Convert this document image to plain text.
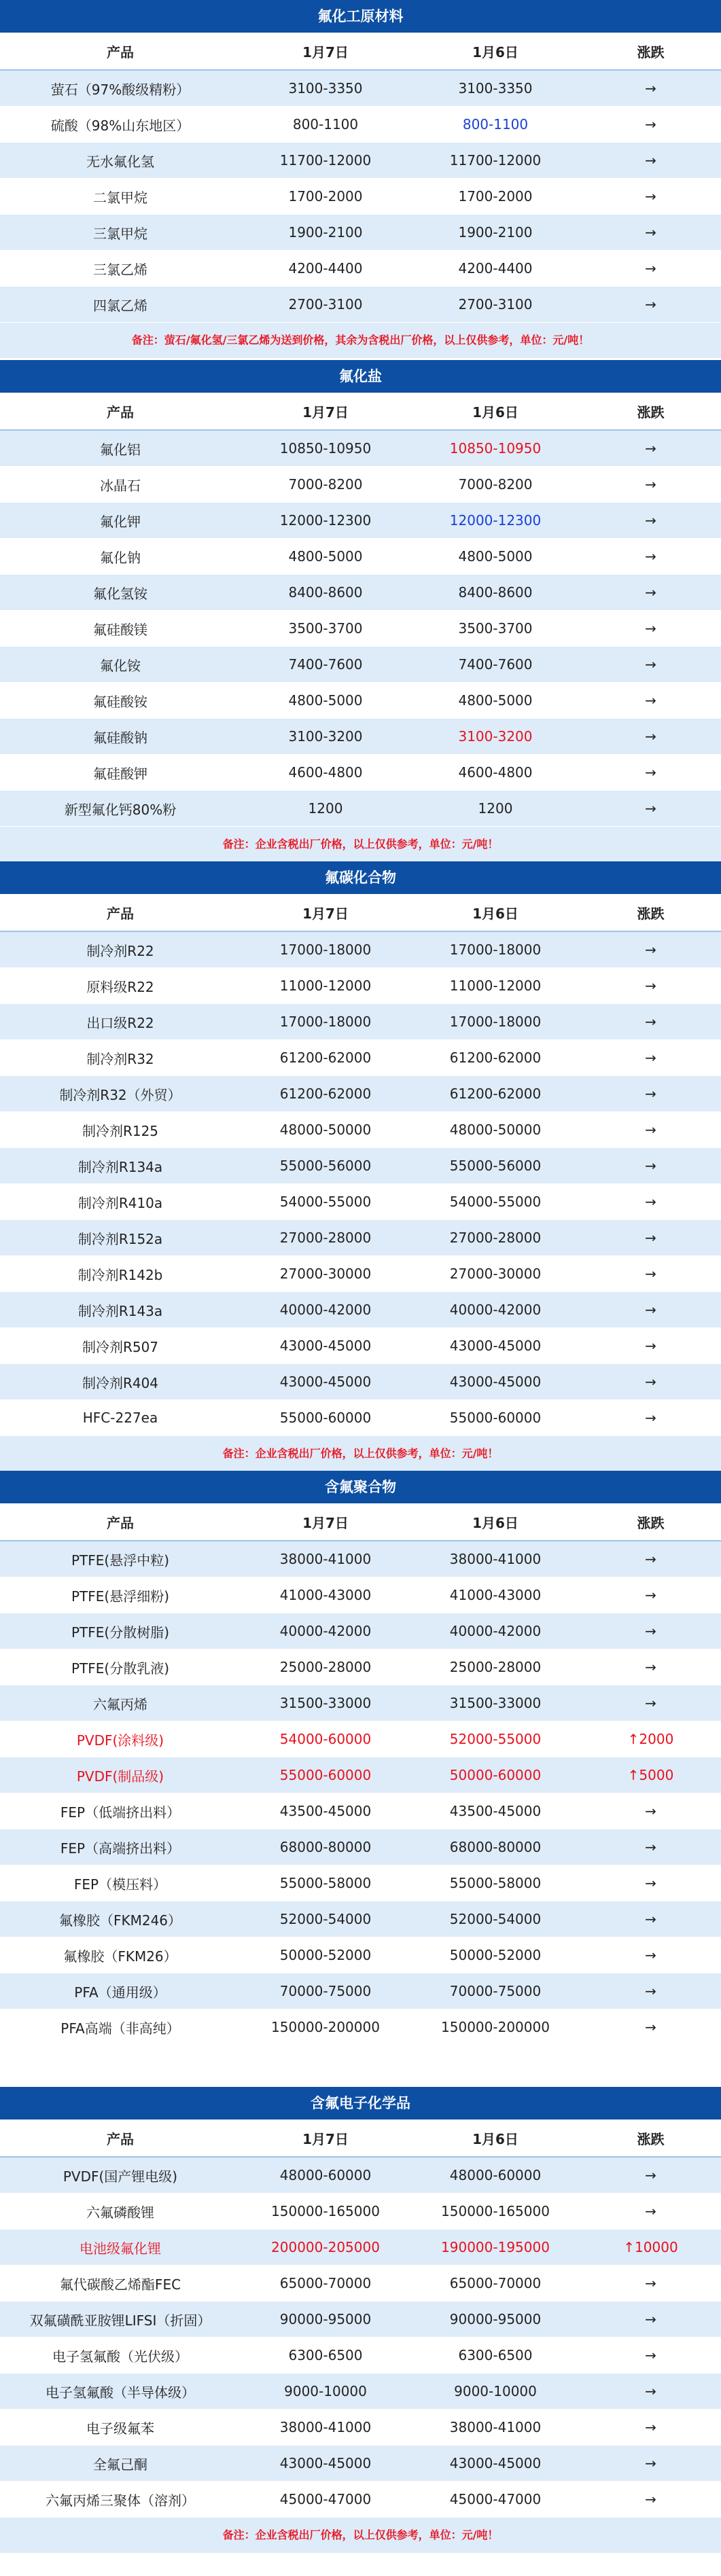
氟化工原材料
产品	1月7日	1月6日	涨跌
萤石（97%酸级精粉）	3100-3350	3100-3350	→
硫酸（98%山东地区）	800-1100	800-1100	→
无水氟化氢	11700-12000	11700-12000	→
二氯甲烷	1700-2000	1700-2000	→
三氯甲烷	1900-2100	1900-2100	→
三氯乙烯	4200-4400	4200-4400	→
四氯乙烯	2700-3100	2700-3100	→
备注：萤石/氟化氢/三氯乙烯为送到价格，其余为含税出厂价格，以上仅供参考，单位：元/吨！
氟化盐
产品	1月7日	1月6日	涨跌
氟化铝	10850-10950	10850-10950	→
冰晶石	7000-8200	7000-8200	→
氟化钾	12000-12300	12000-12300	→
氟化钠	4800-5000	4800-5000	→
氟化氢铵	8400-8600	8400-8600	→
氟硅酸镁	3500-3700	3500-3700	→
氟化铵	7400-7600	7400-7600	→
氟硅酸铵	4800-5000	4800-5000	→
氟硅酸钠	3100-3200	3100-3200	→
氟硅酸钾	4600-4800	4600-4800	→
新型氟化钙80%粉	1200	1200	→
备注：企业含税出厂价格，以上仅供参考，单位：元/吨！
氟碳化合物
产品	1月7日	1月6日	涨跌
制冷剂R22	17000-18000	17000-18000	→
原料级R22	11000-12000	11000-12000	→
出口级R22	17000-18000	17000-18000	→
制冷剂R32	61200-62000	61200-62000	→
制冷剂R32（外贸）	61200-62000	61200-62000	→
制冷剂R125	48000-50000	48000-50000	→
制冷剂R134a	55000-56000	55000-56000	→
制冷剂R410a	54000-55000	54000-55000	→
制冷剂R152a	27000-28000	27000-28000	→
制冷剂R142b	27000-30000	27000-30000	→
制冷剂R143a	40000-42000	40000-42000	→
制冷剂R507	43000-45000	43000-45000	→
制冷剂R404	43000-45000	43000-45000	→
HFC-227ea	55000-60000	55000-60000	→
备注：企业含税出厂价格，以上仅供参考，单位：元/吨！
含氟聚合物
产品	1月7日	1月6日	涨跌
PTFE(悬浮中粒)	38000-41000	38000-41000	→
PTFE(悬浮细粉)	41000-43000	41000-43000	→
PTFE(分散树脂)	40000-42000	40000-42000	→
PTFE(分散乳液)	25000-28000	25000-28000	→
六氟丙烯	31500-33000	31500-33000	→
PVDF(涂料级)	54000-60000	52000-55000	↑2000
PVDF(制品级)	55000-60000	50000-60000	↑5000
FEP（低端挤出料）	43500-45000	43500-45000	→
FEP（高端挤出料）	68000-80000	68000-80000	→
FEP（模压料）	55000-58000	55000-58000	→
氟橡胶（FKM246）	52000-54000	52000-54000	→
氟橡胶（FKM26）	50000-52000	50000-52000	→
PFA（通用级）	70000-75000	70000-75000	→
PFA高端（非高纯）	150000-200000	150000-200000	→
含氟电子化学品
产品	1月7日	1月6日	涨跌
PVDF(国产锂电级)	48000-60000	48000-60000	→
六氟磷酸锂	150000-165000	150000-165000	→
电池级氟化锂	200000-205000	190000-195000	↑10000
氟代碳酸乙烯酯FEC	65000-70000	65000-70000	→
双氟磺酰亚胺锂LIFSI（折固）	90000-95000	90000-95000	→
电子氢氟酸（光伏级）	6300-6500	6300-6500	→
电子氢氟酸（半导体级）	9000-10000	9000-10000	→
电子级氟苯	38000-41000	38000-41000	→
全氟己酮	43000-45000	43000-45000	→
六氟丙烯三聚体（溶剂）	45000-47000	45000-47000	→
备注：企业含税出厂价格，以上仅供参考，单位：元/吨！
